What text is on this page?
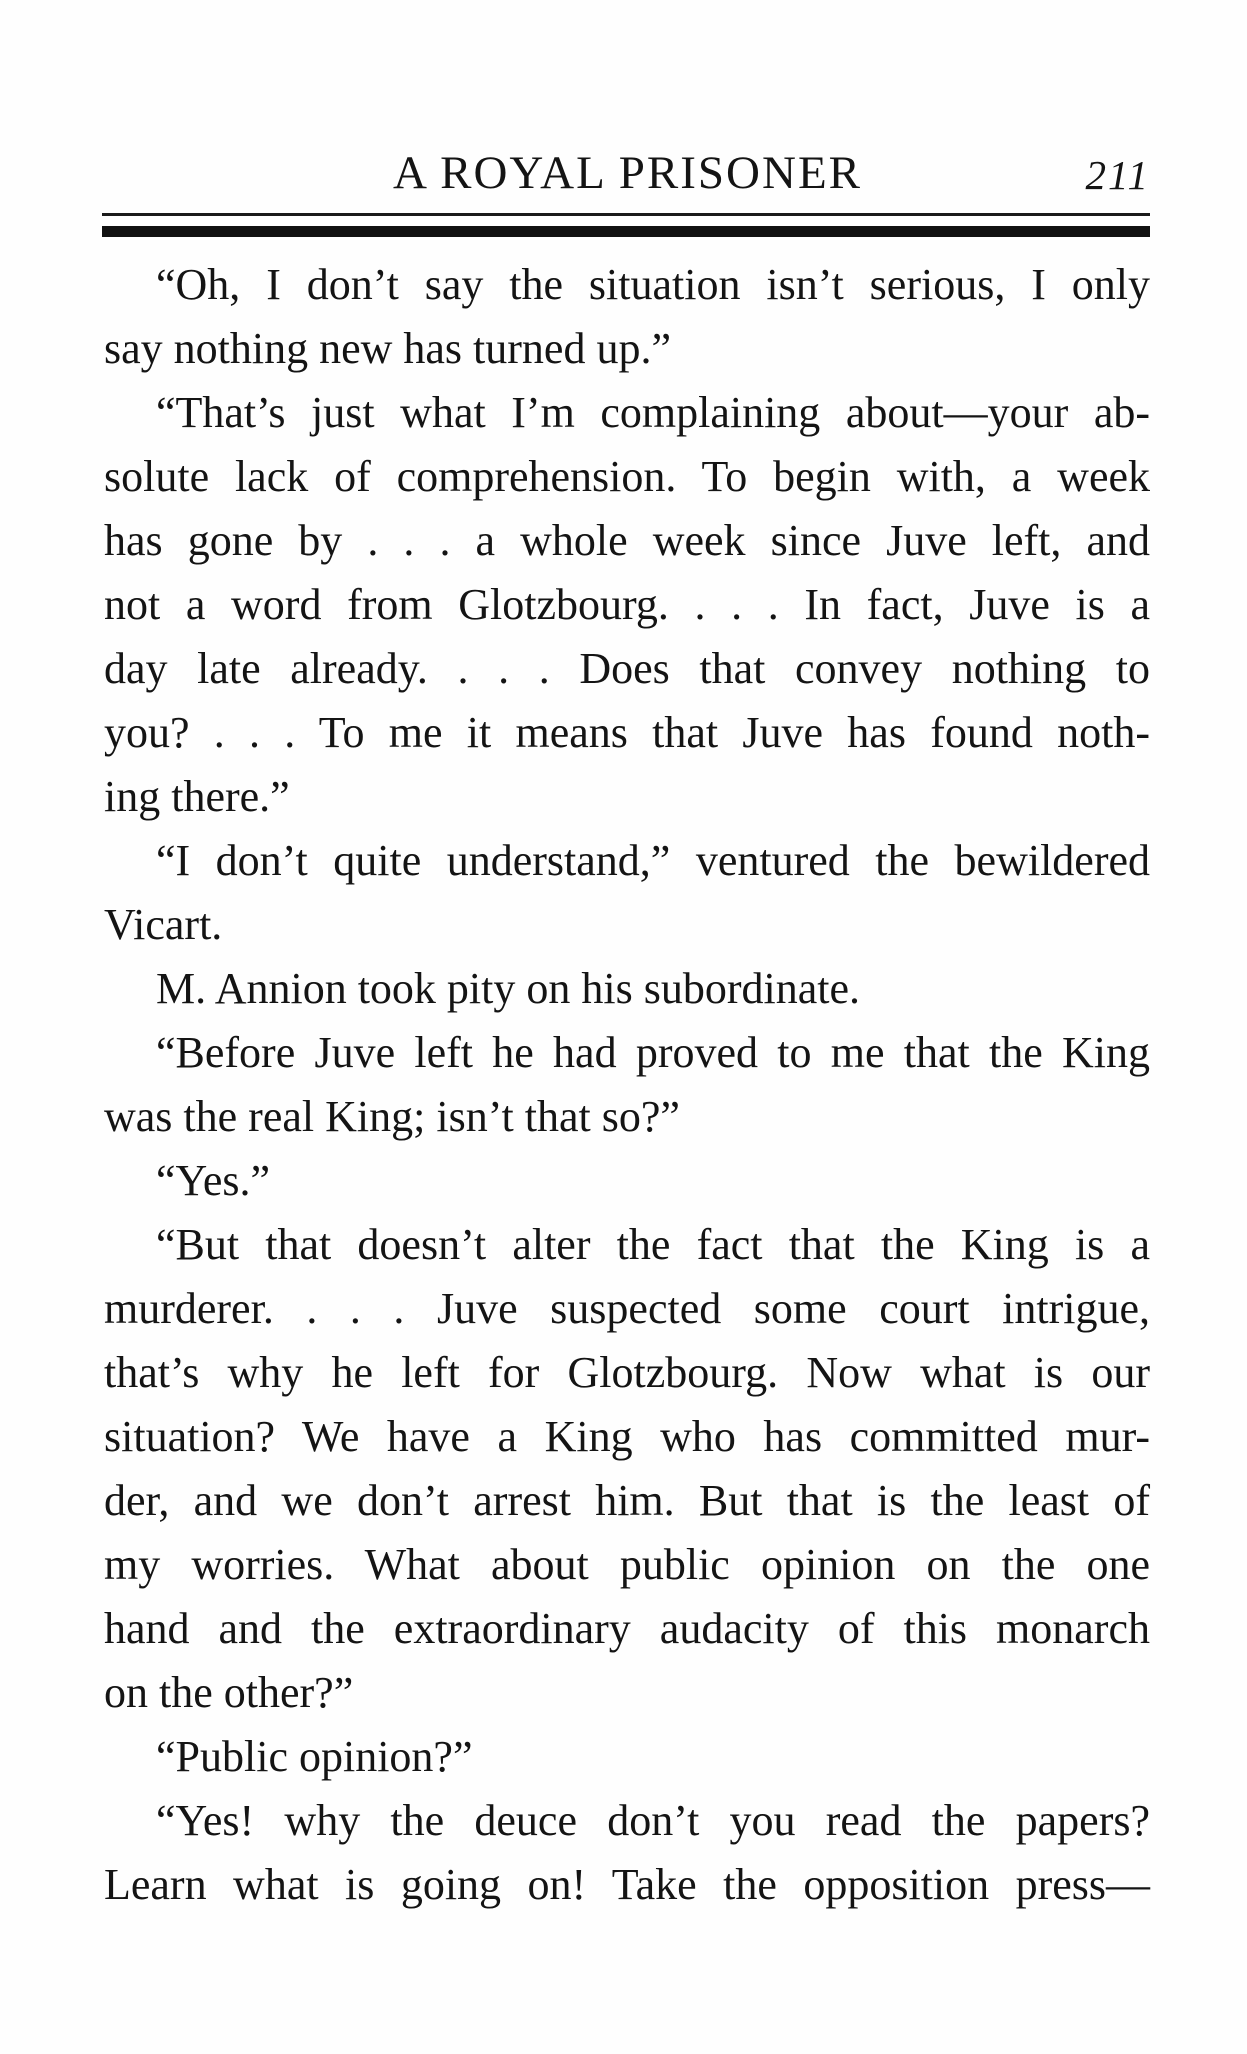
A ROYAL PRISONER	211
“Oh, I don’t say the situation isn’t serious, I only
say nothing new has turned up.”
“That’s just what I’m complaining about—your ab-
solute lack of comprehension. To begin with, a week
has gone by . . . a whole week since Juve left, and
not a word from Glotzbourg. . . . In fact, Juve is a
day late already. . . . Does that convey nothing to
you? . . . To me it means that Juve has found noth-
ing there.”
“I don’t quite understand,” ventured the bewildered
Vicart.
M. Annion took pity on his subordinate.
“Before Juve left he had proved to me that the King
was the real King; isn’t that so?”
“Yes.”
“But that doesn’t alter the fact that the King is a
murderer. . . . Juve suspected some court intrigue,
that’s why he left for Glotzbourg. Now what is our
situation? We have a King who has committed mur-
der, and we don’t arrest him. But that is the least of
my worries. What about public opinion on the one
hand and the extraordinary audacity of this monarch
on the other?”
“Public opinion?”
“Yes! why the deuce don’t you read the papers?
Learn what is going on! Take the opposition press—
